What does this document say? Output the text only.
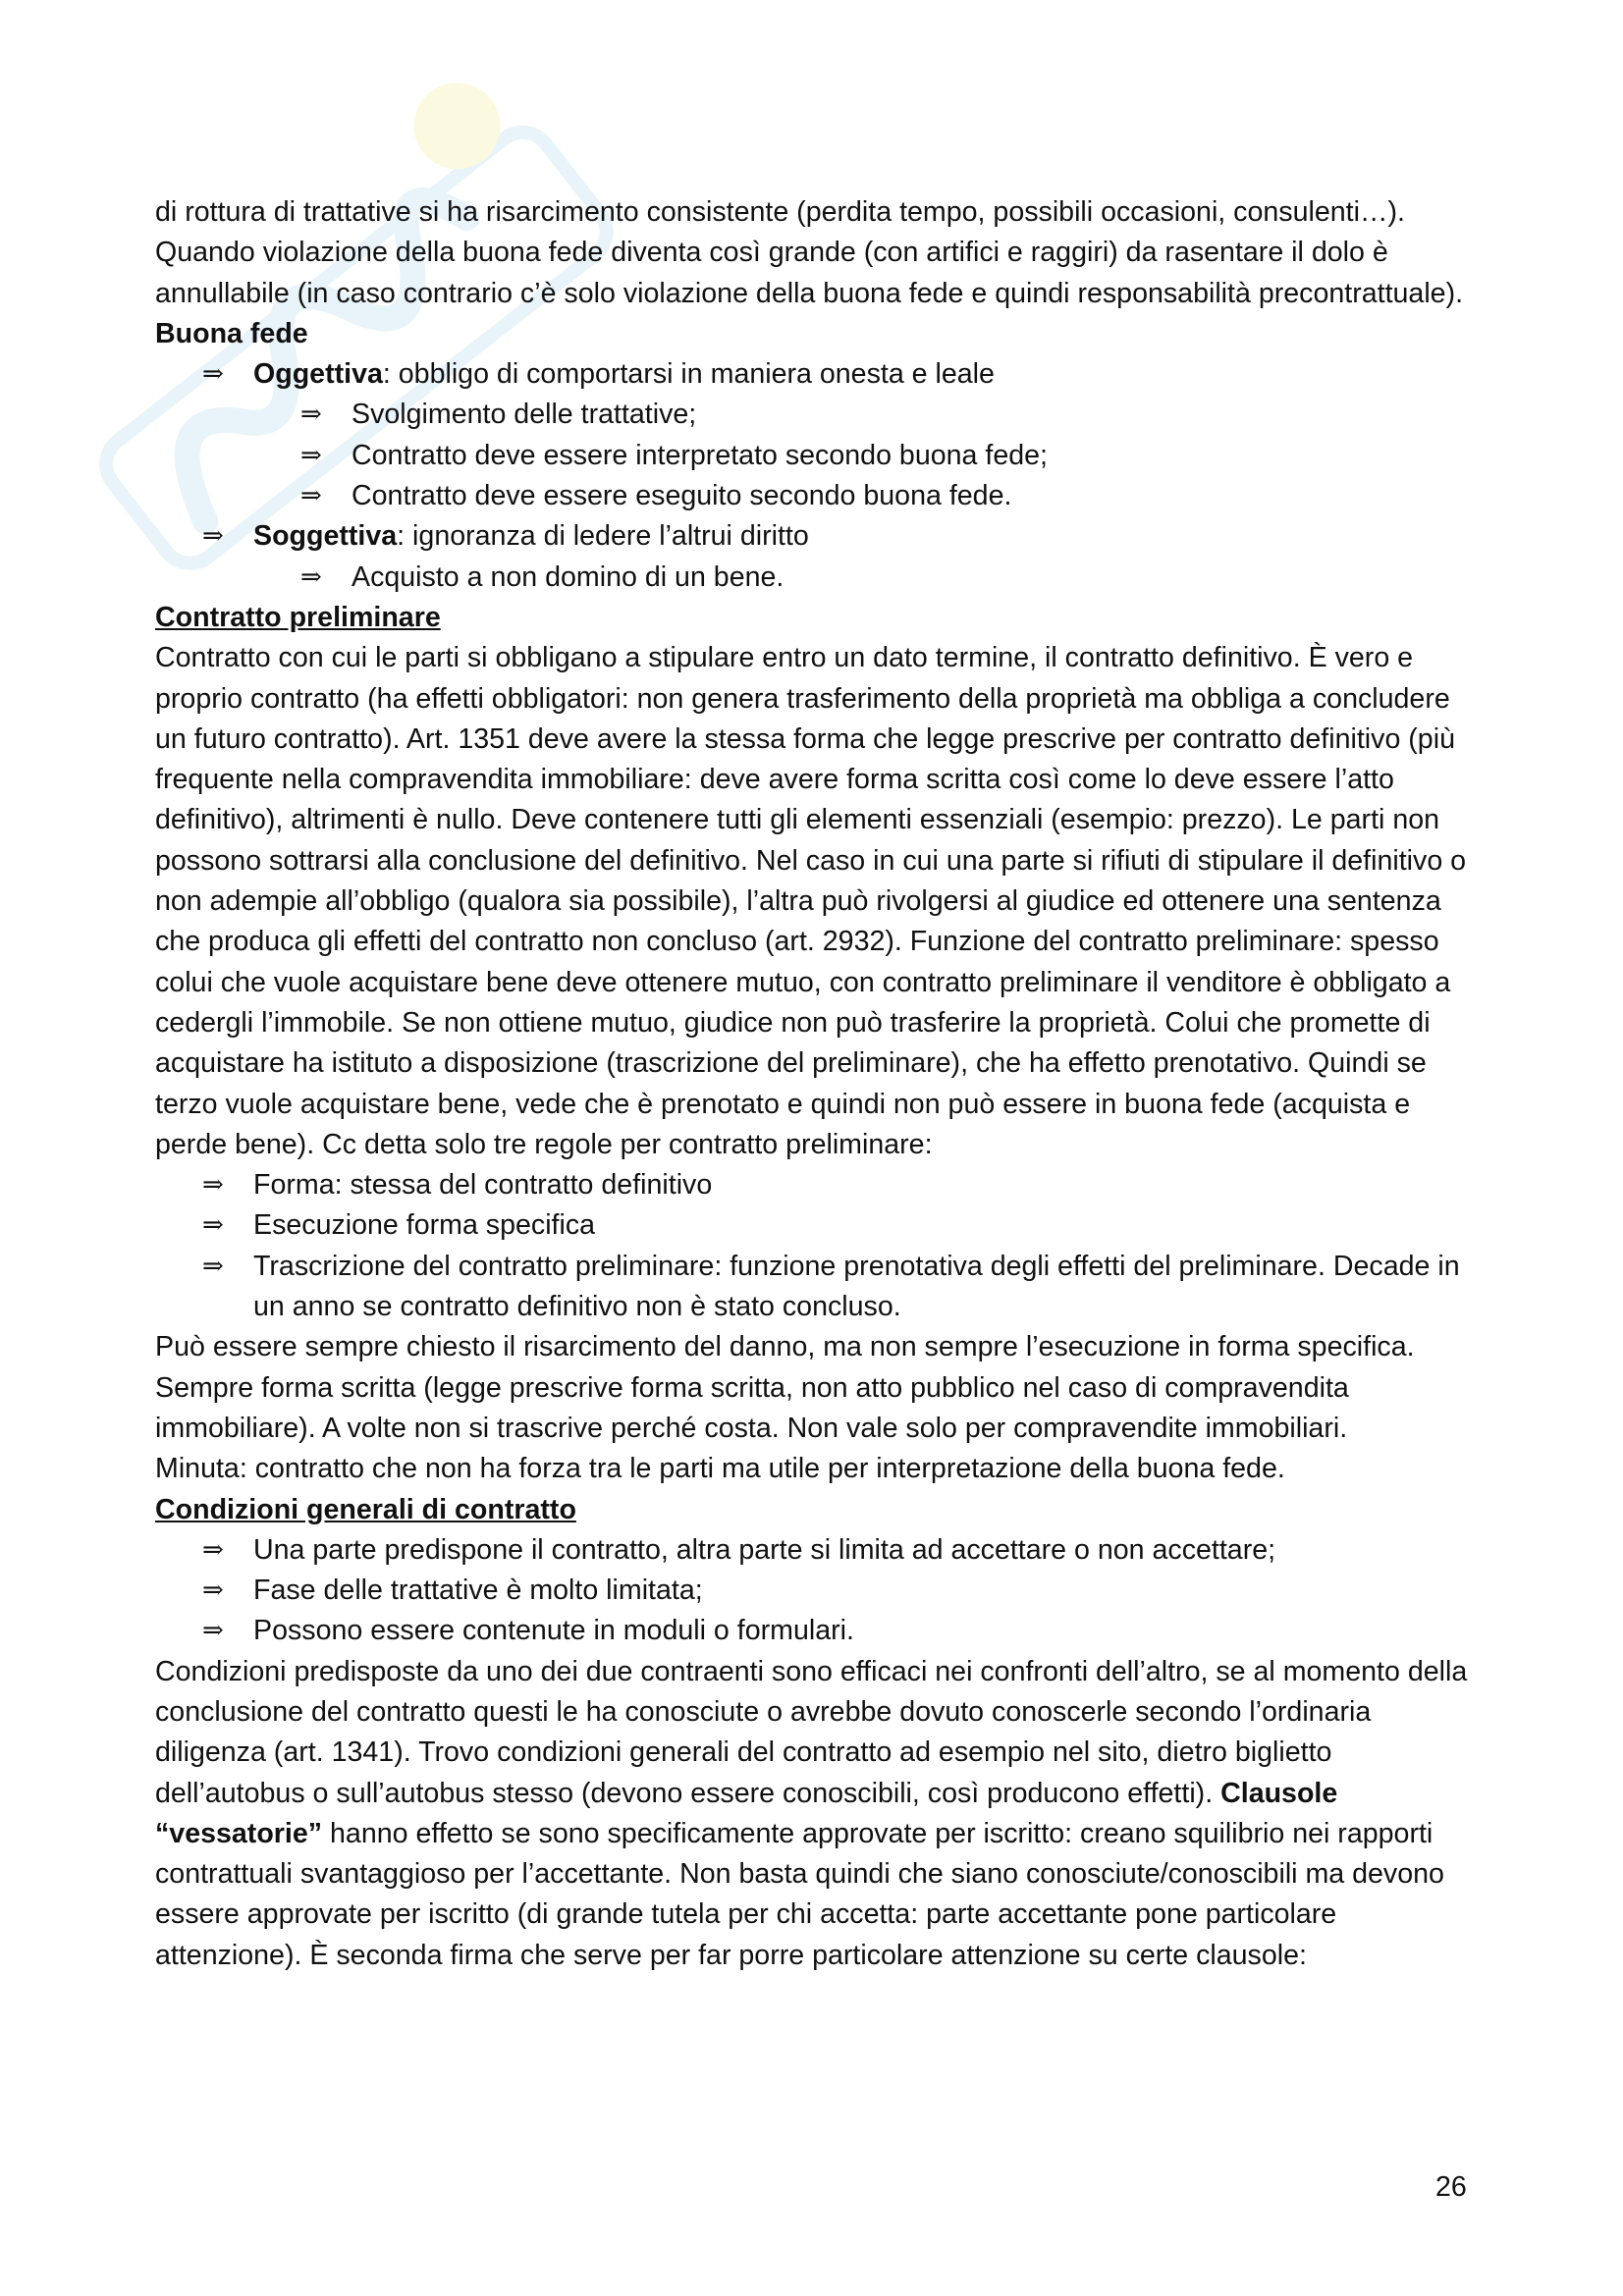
di rottura di trattative si ha risarcimento consistente (perdita tempo, possibili occasioni, consulenti…). Quando violazione della buona fede diventa così grande (con artifici e raggiri) da rasentare il dolo è annullabile (in caso contrario c’è solo violazione della buona fede e quindi responsabilità precontrattuale).

Buona fede

⇒ Oggettiva: obbligo di comportarsi in maniera onesta e leale
⇒ Svolgimento delle trattative;
⇒ Contratto deve essere interpretato secondo buona fede;
⇒ Contratto deve essere eseguito secondo buona fede.
⇒ Soggettiva: ignoranza di ledere l’altrui diritto
⇒ Acquisto a non domino di un bene.

Contratto preliminare

Contratto con cui le parti si obbligano a stipulare entro un dato termine, il contratto definitivo. È vero e proprio contratto (ha effetti obbligatori: non genera trasferimento della proprietà ma obbliga a concludere un futuro contratto). Art. 1351 deve avere la stessa forma che legge prescrive per contratto definitivo (più frequente nella compravendita immobiliare: deve avere forma scritta così come lo deve essere l’atto definitivo), altrimenti è nullo. Deve contenere tutti gli elementi essenziali (esempio: prezzo). Le parti non possono sottrarsi alla conclusione del definitivo. Nel caso in cui una parte si rifiuti di stipulare il definitivo o non adempie all’obbligo (qualora sia possibile), l’altra può rivolgersi al giudice ed ottenere una sentenza che produca gli effetti del contratto non concluso (art. 2932). Funzione del contratto preliminare: spesso colui che vuole acquistare bene deve ottenere mutuo, con contratto preliminare il venditore è obbligato a cedergli l’immobile. Se non ottiene mutuo, giudice non può trasferire la proprietà. Colui che promette di acquistare ha istituto a disposizione (trascrizione del preliminare), che ha effetto prenotativo. Quindi se terzo vuole acquistare bene, vede che è prenotato e quindi non può essere in buona fede (acquista e perde bene). Cc detta solo tre regole per contratto preliminare:

⇒ Forma: stessa del contratto definitivo
⇒ Esecuzione forma specifica
⇒ Trascrizione del contratto preliminare: funzione prenotativa degli effetti del preliminare. Decade in un anno se contratto definitivo non è stato concluso.

Può essere sempre chiesto il risarcimento del danno, ma non sempre l’esecuzione in forma specifica. Sempre forma scritta (legge prescrive forma scritta, non atto pubblico nel caso di compravendita immobiliare). A volte non si trascrive perché costa. Non vale solo per compravendite immobiliari.

Minuta: contratto che non ha forza tra le parti ma utile per interpretazione della buona fede.

Condizioni generali di contratto

⇒ Una parte predispone il contratto, altra parte si limita ad accettare o non accettare;
⇒ Fase delle trattative è molto limitata;
⇒ Possono essere contenute in moduli o formulari.

Condizioni predisposte da uno dei due contraenti sono efficaci nei confronti dell’altro, se al momento della conclusione del contratto questi le ha conosciute o avrebbe dovuto conoscerle secondo l’ordinaria diligenza (art. 1341). Trovo condizioni generali del contratto ad esempio nel sito, dietro biglietto dell’autobus o sull’autobus stesso (devono essere conoscibili, così producono effetti). Clausole “vessatorie” hanno effetto se sono specificamente approvate per iscritto: creano squilibrio nei rapporti contrattuali svantaggioso per l’accettante. Non basta quindi che siano conosciute/conoscibili ma devono essere approvate per iscritto (di grande tutela per chi accetta: parte accettante pone particolare attenzione). È seconda firma che serve per far porre particolare attenzione su certe clausole:

26
